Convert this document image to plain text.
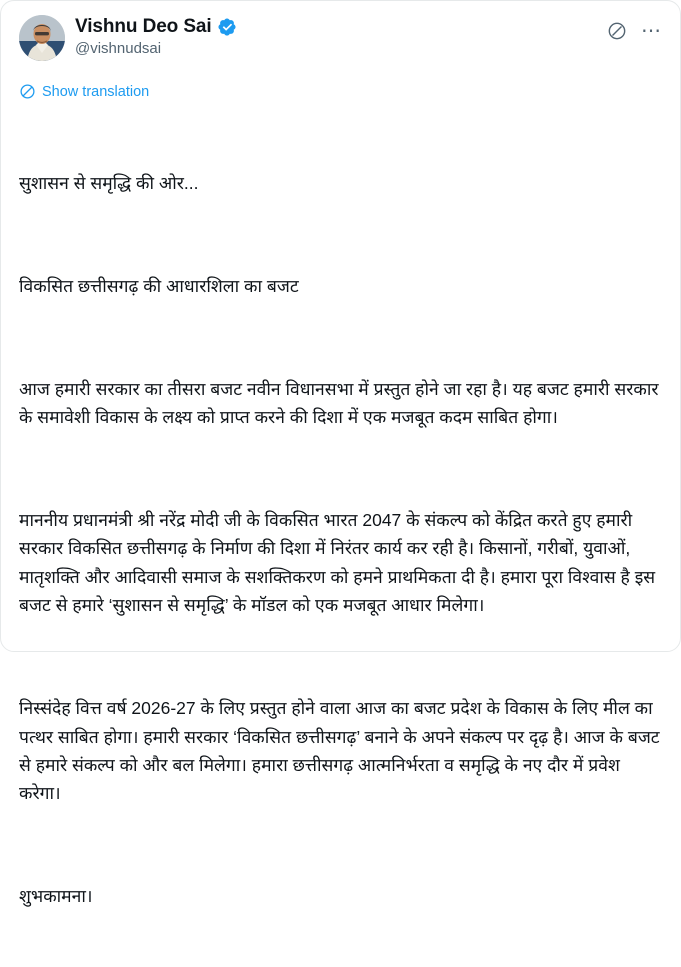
Vishnu Deo Sai
@vishnudsai
⋯
Show translation

सुशासन से समृद्धि की ओर...

विकसित छत्तीसगढ़ की आधारशिला का बजट

आज हमारी सरकार का तीसरा बजट नवीन विधानसभा में प्रस्तुत होने जा रहा है। यह बजट हमारी सरकार के समावेशी विकास के लक्ष्य को प्राप्त करने की दिशा में एक मजबूत कदम साबित होगा।

माननीय प्रधानमंत्री श्री नरेंद्र मोदी जी के विकसित भारत 2047 के संकल्प को केंद्रित करते हुए हमारी सरकार विकसित छत्तीसगढ़ के निर्माण की दिशा में निरंतर कार्य कर रही है। किसानों, गरीबों, युवाओं, मातृशक्ति और आदिवासी समाज के सशक्तिकरण को हमने प्राथमिकता दी है। हमारा पूरा विश्वास है इस बजट से हमारे ‘सुशासन से समृद्धि’ के मॉडल को एक मजबूत आधार मिलेगा।

निस्संदेह वित्त वर्ष 2026-27 के लिए प्रस्तुत होने वाला आज का बजट प्रदेश के विकास के लिए मील का पत्थर साबित होगा। हमारी सरकार ‘विकसित छत्तीसगढ़’ बनाने के अपने संकल्प पर दृढ़ है। आज के बजट से हमारे संकल्प को और बल मिलेगा। हमारा छत्तीसगढ़ आत्मनिर्भरता व समृद्धि के नए दौर में प्रवेश करेगा।

शुभकामना।
